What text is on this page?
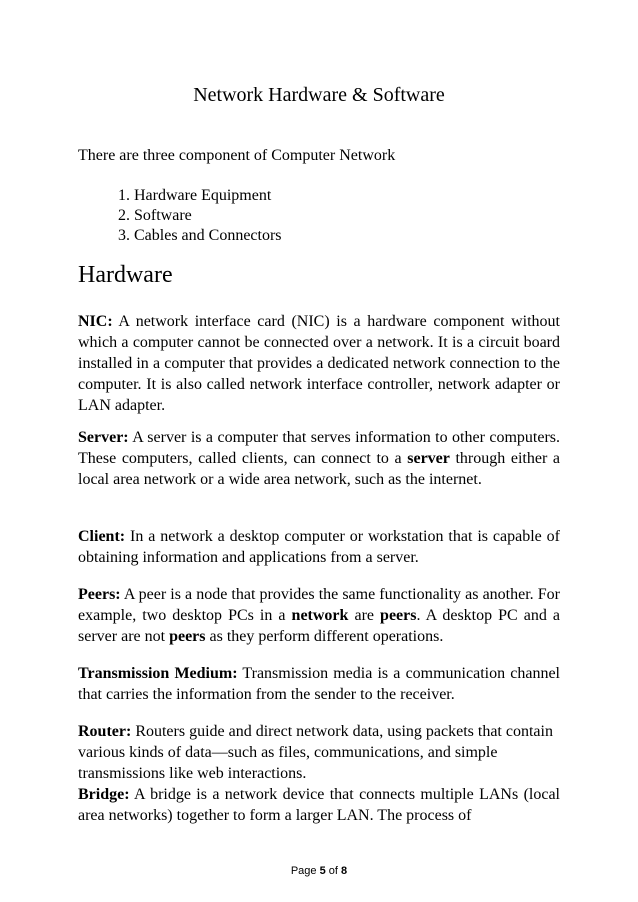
Network Hardware & Software
There are three component of Computer Network
1. Hardware Equipment
2. Software
3. Cables and Connectors
Hardware

NIC: A network interface card (NIC) is a hardware component without which a computer cannot be connected over a network. It is a circuit board installed in a computer that provides a dedicated network connection to the computer. It is also called network interface controller, network adapter or LAN adapter.

Server: A server is a computer that serves information to other computers. These computers, called clients, can connect to a server through either a local area network or a wide area network, such as the internet.

Client: In a network a desktop computer or workstation that is capable of obtaining information and applications from a server.

Peers: A peer is a node that provides the same functionality as another. For example, two desktop PCs in a network are peers. A desktop PC and a server are not peers as they perform different operations.

Transmission Medium: Transmission media is a communication channel that carries the information from the sender to the receiver.

Router: Routers guide and direct network data, using packets that contain various kinds of data—such as files, communications, and simple transmissions like web interactions.

Bridge: A bridge is a network device that connects multiple LANs (local area networks) together to form a larger LAN. The process of

Page 5 of 8
